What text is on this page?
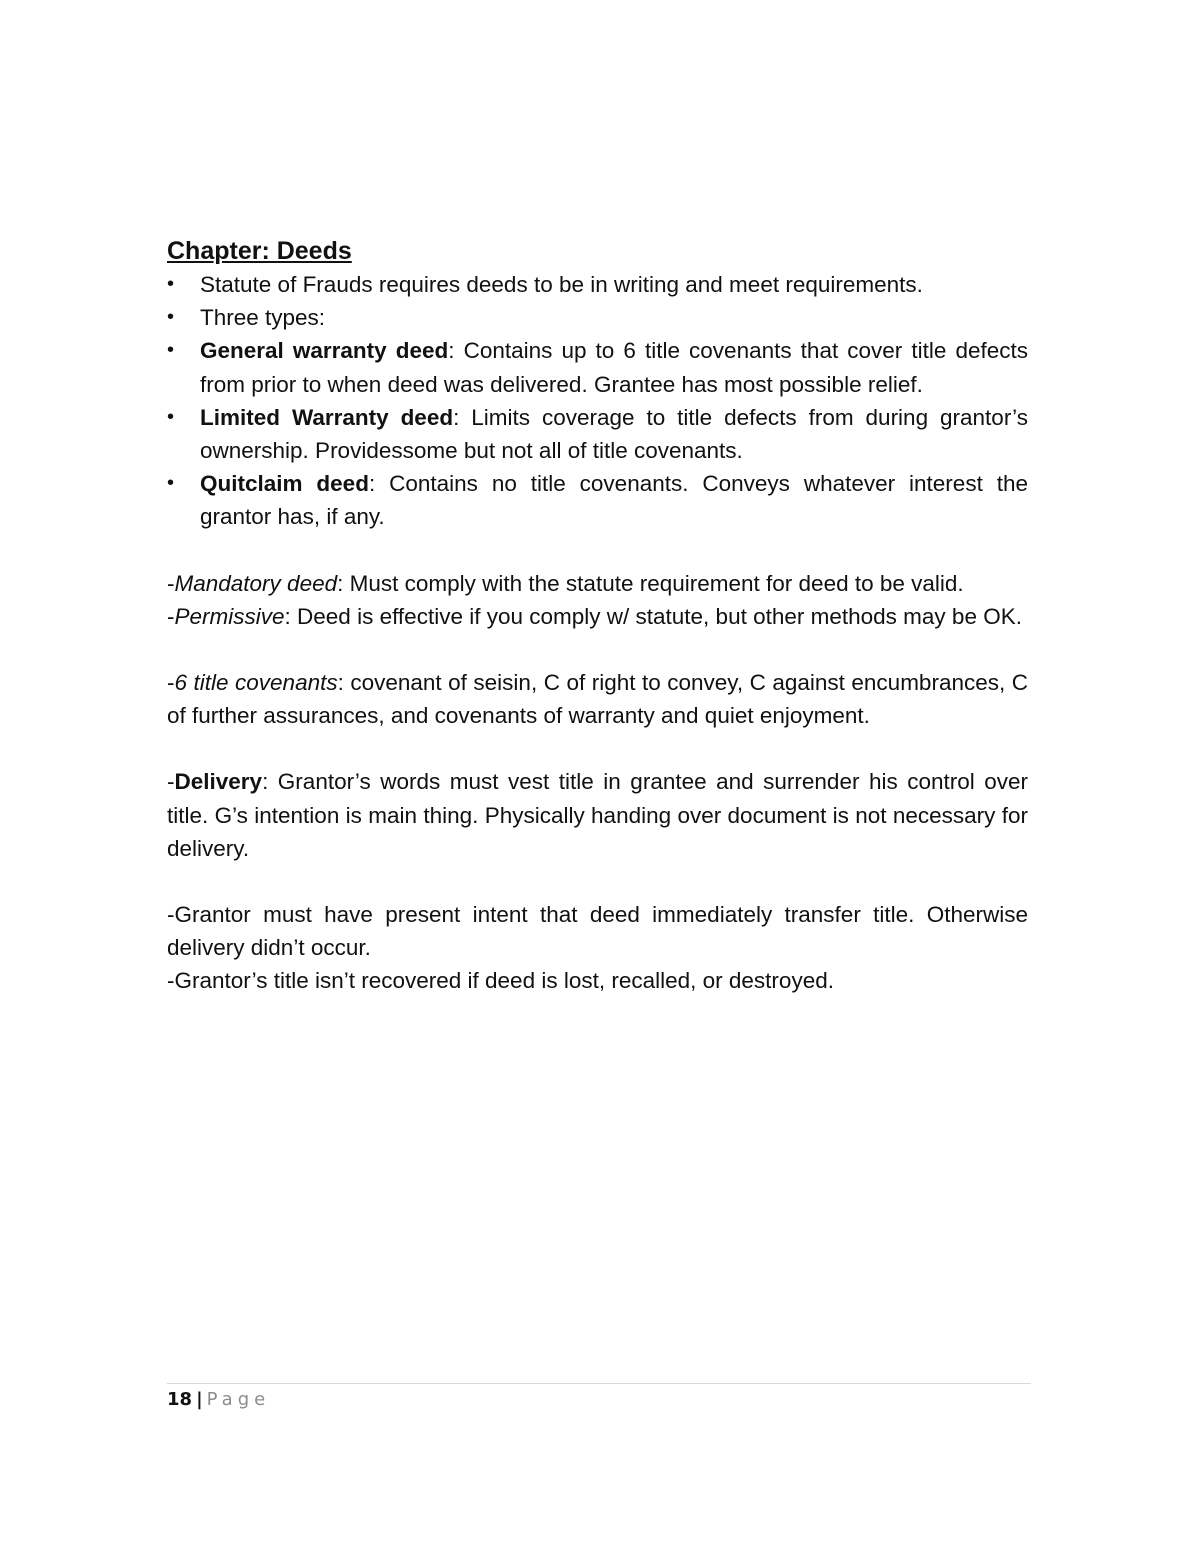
Chapter: Deeds
• Statute of Frauds requires deeds to be in writing and meet requirements.
• Three types:
• General warranty deed: Contains up to 6 title covenants that cover title defects from prior to when deed was delivered. Grantee has most possible relief.
• Limited Warranty deed: Limits coverage to title defects from during grantor’s ownership. Providessome but not all of title covenants.
• Quitclaim deed: Contains no title covenants. Conveys whatever interest the grantor has, if any.

-Mandatory deed: Must comply with the statute requirement for deed to be valid.

-Permissive: Deed is effective if you comply w/ statute, but other methods may be OK.

-6 title covenants: covenant of seisin, C of right to convey, C against encumbrances, C of further assurances, and covenants of warranty and quiet enjoyment.

-Delivery: Grantor’s words must vest title in grantee and surrender his control over title. G’s intention is main thing. Physically handing over document is not necessary for delivery.

-Grantor must have present intent that deed immediately transfer title. Otherwise delivery didn’t occur.

-Grantor’s title isn’t recovered if deed is lost, recalled, or destroyed.

18 | Page
